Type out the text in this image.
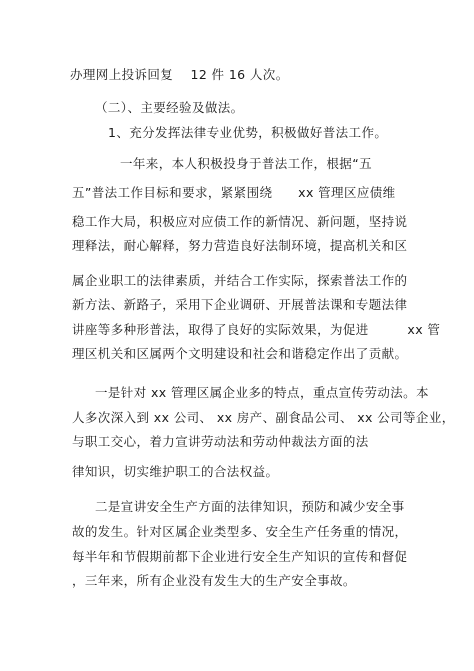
办理网上投诉回复　 12 件 16 人次。
（二）、主要经验及做法。
1、充分发挥法律专业优势，积极做好普法工作。
一年来，本人积极投身于普法工作，根据“五
五”普法工作目标和要求，紧紧围绕　　xx 管理区应债维
稳工作大局，积极应对应债工作的新情况、新问题，坚持说
理释法，耐心解释，努力营造良好法制环境，提高机关和区
属企业职工的法律素质，并结合工作实际，探索普法工作的
新方法、新路子，采用下企业调研、开展普法课和专题法律
讲座等多种形普法，取得了良好的实际效果，为促进　　　xx 管
理区机关和区属两个文明建设和社会和谐稳定作出了贡献。
一是针对 xx 管理区属企业多的特点，重点宣传劳动法。本
人多次深入到 xx 公司、 xx 房产、副食品公司、 xx 公司等企业，
与职工交心，着力宣讲劳动法和劳动仲裁法方面的法
律知识，切实维护职工的合法权益。
二是宣讲安全生产方面的法律知识，预防和减少安全事
故的发生。针对区属企业类型多、安全生产任务重的情况，
每半年和节假期前都下企业进行安全生产知识的宣传和督促
，三年来，所有企业没有发生大的生产安全事故。
